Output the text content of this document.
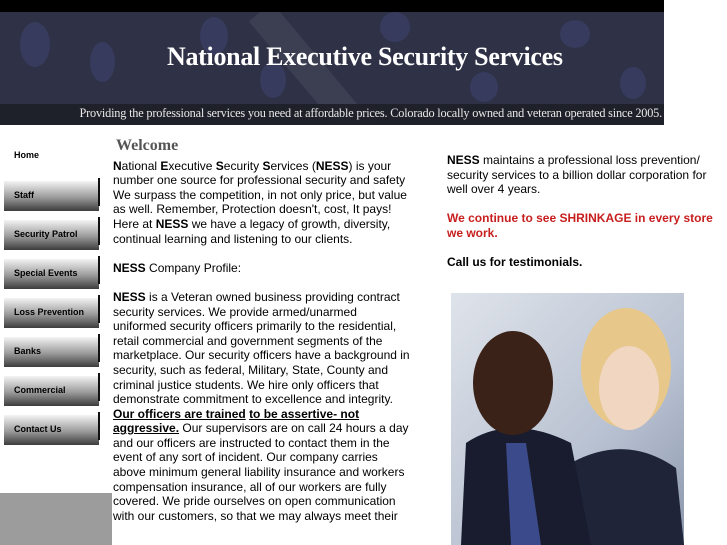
National Executive Security Services
Providing the professional services you need at affordable prices. Colorado locally owned and veteran operated since 2005.
Home
Staff
Security Patrol
Special Events
Loss Prevention
Banks
Commercial
Contact Us
Welcome

National Executive Security Services (NESS) is your number one source for professional security and safety We surpass the competition, in not only price, but value as well. Remember, Protection doesn't, cost, It pays!

Here at NESS we have a legacy of growth, diversity, continual learning and listening to our clients.

NESS Company Profile:

NESS is a Veteran owned business providing contract security services. We provide armed/unarmed uniformed security officers primarily to the residential, retail commercial and government segments of the marketplace. Our security officers have a background in security, such as federal, Military, State, County and criminal justice students. We hire only officers that demonstrate commitment to excellence and integrity. Our officers are trained to be assertive- not aggressive. Our supervisors are on call 24 hours a day and our officers are instructed to contact them in the event of any sort of incident. Our company carries above minimum general liability insurance and workers compensation insurance, all of our workers are fully covered. We pride ourselves on open communication with our customers, so that we may always meet their

NESS maintains a professional loss prevention/ security services to a billion dollar corporation for well over 4 years.

We continue to see SHRINKAGE in every store we work.

Call us for testimonials.
